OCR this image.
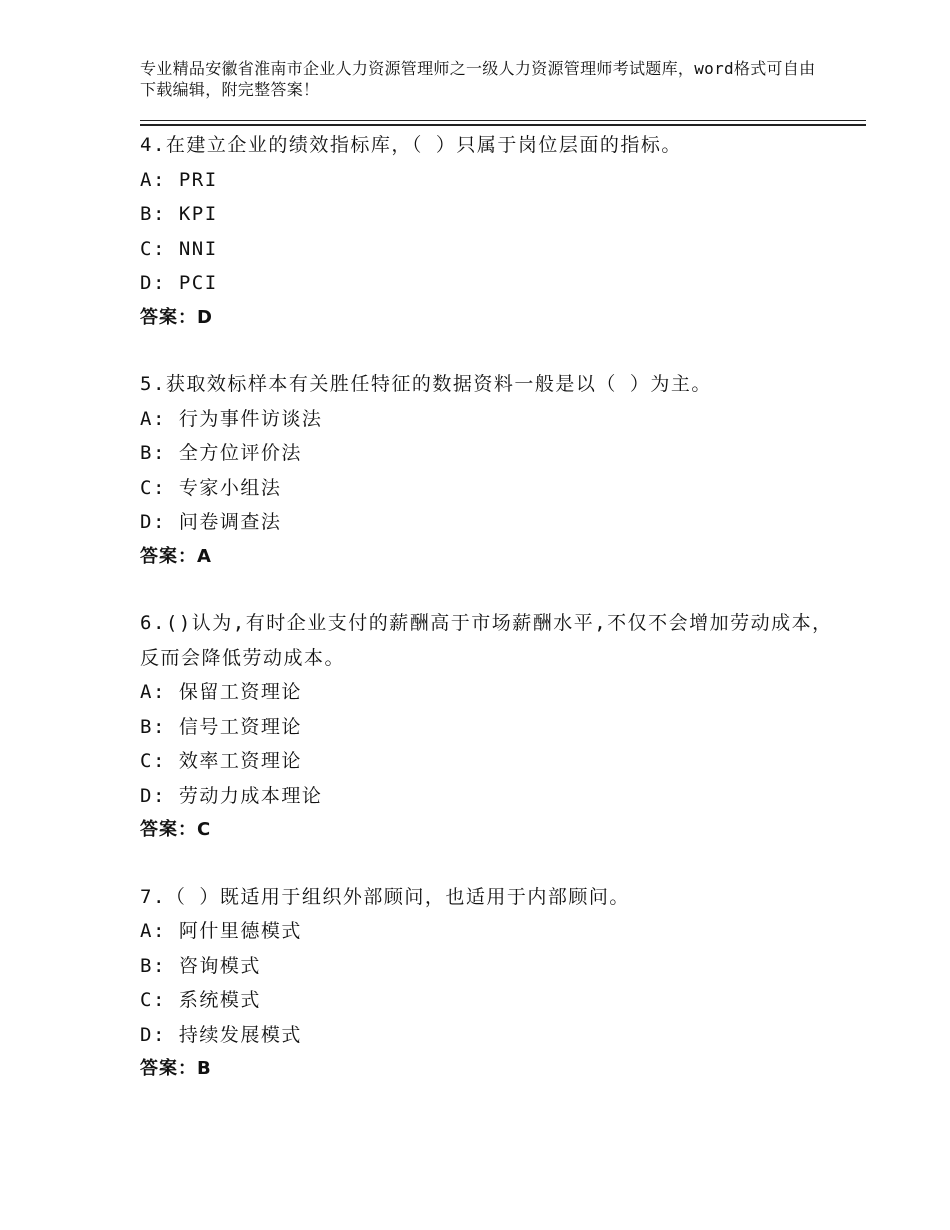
专业精品安徽省淮南市企业人力资源管理师之一级人力资源管理师考试题库，word格式可自由下载编辑，附完整答案！

4.在建立企业的绩效指标库，（ ）只属于岗位层面的指标。

A: PRI

B: KPI

C: NNI

D: PCI

答案：D

5.获取效标样本有关胜任特征的数据资料一般是以（ ）为主。

A: 行为事件访谈法

B: 全方位评价法

C: 专家小组法

D: 问卷调查法

答案：A

6.()认为,有时企业支付的薪酬高于市场薪酬水平,不仅不会增加劳动成本，反而会降低劳动成本。

A: 保留工资理论

B: 信号工资理论

C: 效率工资理论

D: 劳动力成本理论

答案：C

7.（ ）既适用于组织外部顾问，也适用于内部顾问。

A: 阿什里德模式

B: 咨询模式

C: 系统模式

D: 持续发展模式

答案：B
